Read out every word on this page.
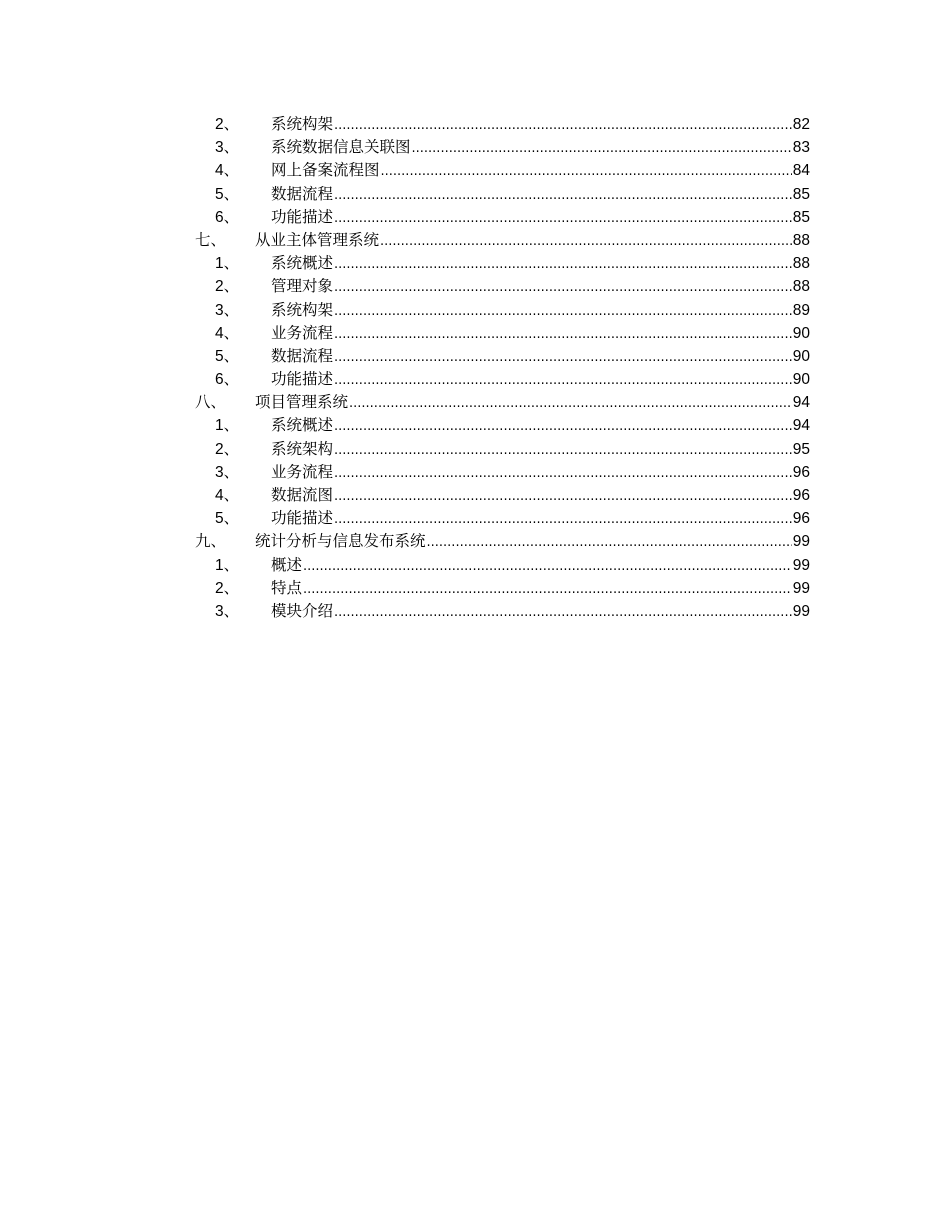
2、 系统构架 .....	82
3、 系统数据信息关联图 .....	83
4、 网上备案流程图 .....	84
5、 数据流程 .....	85
6、 功能描述 .....	85
七、 从业主体管理系统 .....	88
1、 系统概述 .....	88
2、 管理对象 .....	88
3、 系统构架 .....	89
4、 业务流程 .....	90
5、 数据流程 .....	90
6、 功能描述 .....	90
八、 项目管理系统 .....	94
1、 系统概述 .....	94
2、 系统架构 .....	95
3、 业务流程 .....	96
4、 数据流图 .....	96
5、 功能描述 .....	96
九、 统计分析与信息发布系统 .....	99
1、 概述 .....	99
2、 特点 .....	99
3、 模块介绍 .....	99
